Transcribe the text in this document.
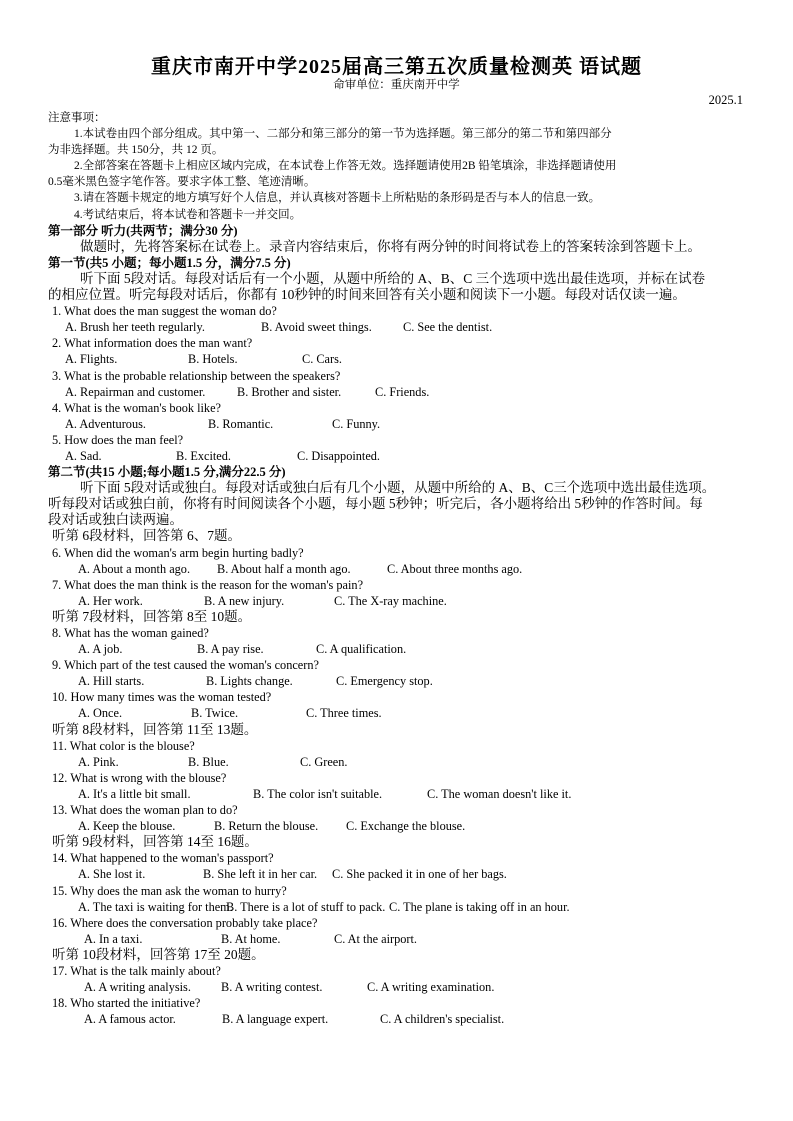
重庆市南开中学2025届高三第五次质量检测英 语试题
命审单位：重庆南开中学
2025.1
注意事项：
1.本试卷由四个部分组成。其中第一、二部分和第三部分的第一节为选择题。第三部分的第二节和第四部分
为非选择题。共 150分，共 12 页。
2.全部答案在答题卡上相应区域内完成，在本试卷上作答无效。选择题请使用2B 铅笔填涂，非选择题请使用
0.5毫米黑色签字笔作答。要求字体工整、笔迹清晰。
3.请在答题卡规定的地方填写好个人信息，并认真核对答题卡上所粘贴的条形码是否与本人的信息一致。
4.考试结束后，将本试卷和答题卡一并交回。
第一部分 听力(共两节；满分30 分)
做题时，先将答案标在试卷上。录音内容结束后，你将有两分钟的时间将试卷上的答案转涂到答题卡上。
第一节(共5 小题；每小题1.5 分，满分7.5 分)
听下面 5段对话。每段对话后有一个小题，从题中所给的 A、B、C 三个选项中选出最佳选项，并标在试卷
的相应位置。听完每段对话后，你都有 10秒钟的时间来回答有关小题和阅读下一小题。每段对话仅读一遍。
1. What does the man suggest the woman do?
A. Brush her teeth regularly.	B. Avoid sweet things.	C. See the dentist.
2. What information does the man want?
A. Flights.	B. Hotels.	C. Cars.
3. What is the probable relationship between the speakers?
A. Repairman and customer.	B. Brother and sister.	C. Friends.
4. What is the woman's book like?
A. Adventurous.	B. Romantic.	C. Funny.
5. How does the man feel?
A. Sad.	B. Excited.	C. Disappointed.
第二节(共15 小题;每小题1.5 分,满分22.5 分)
听下面 5段对话或独白。每段对话或独白后有几个小题，从题中所给的 A、B、C三个选项中选出最佳选项。
听每段对话或独白前，你将有时间阅读各个小题，每小题 5秒钟；听完后，各小题将给出 5秒钟的作答时间。每
段对话或独白读两遍。
听第 6段材料，回答第 6、7题。
6. When did the woman's arm begin hurting badly?
A. About a month ago. B. About half a month ago.	C. About three months ago.
7. What does the man think is the reason for the woman's pain?
A. Her work.	B. A new injury.	C. The X-ray machine.
听第 7段材料，回答第 8至 10题。
8. What has the woman gained?
A. A job.	B. A pay rise.	C. A qualification.
9. Which part of the test caused the woman's concern?
A. Hill starts.	B. Lights change.	C. Emergency stop.
10. How many times was the woman tested?
A. Once.	B. Twice.	C. Three times.
听第 8段材料，回答第 11至 13题。
11. What color is the blouse?
A. Pink.	B. Blue.	C. Green.
12. What is wrong with the blouse?
A. It's a little bit small.	B. The color isn't suitable.	C. The woman doesn't like it.
13. What does the woman plan to do?
A. Keep the blouse.	B. Return the blouse. C. Exchange the blouse.
听第 9段材料，回答第 14至 16题。
14. What happened to the woman's passport?
A. She lost it.	B. She left it in her car. C. She packed it in one of her bags.
15. Why does the man ask the woman to hurry?
A. The taxi is waiting for them.
B. There is a lot of stuff to pack. C. The plane is taking off in an hour.
16. Where does the conversation probably take place?
A. In a taxi.	B. At home.	C. At the airport.
听第 10段材料，回答第 17至 20题。
17. What is the talk mainly about?
A. A writing analysis. B. A writing contest.	C. A writing examination.
18. Who started the initiative?
A. A famous actor.	B. A language expert.	C. A children's specialist.
